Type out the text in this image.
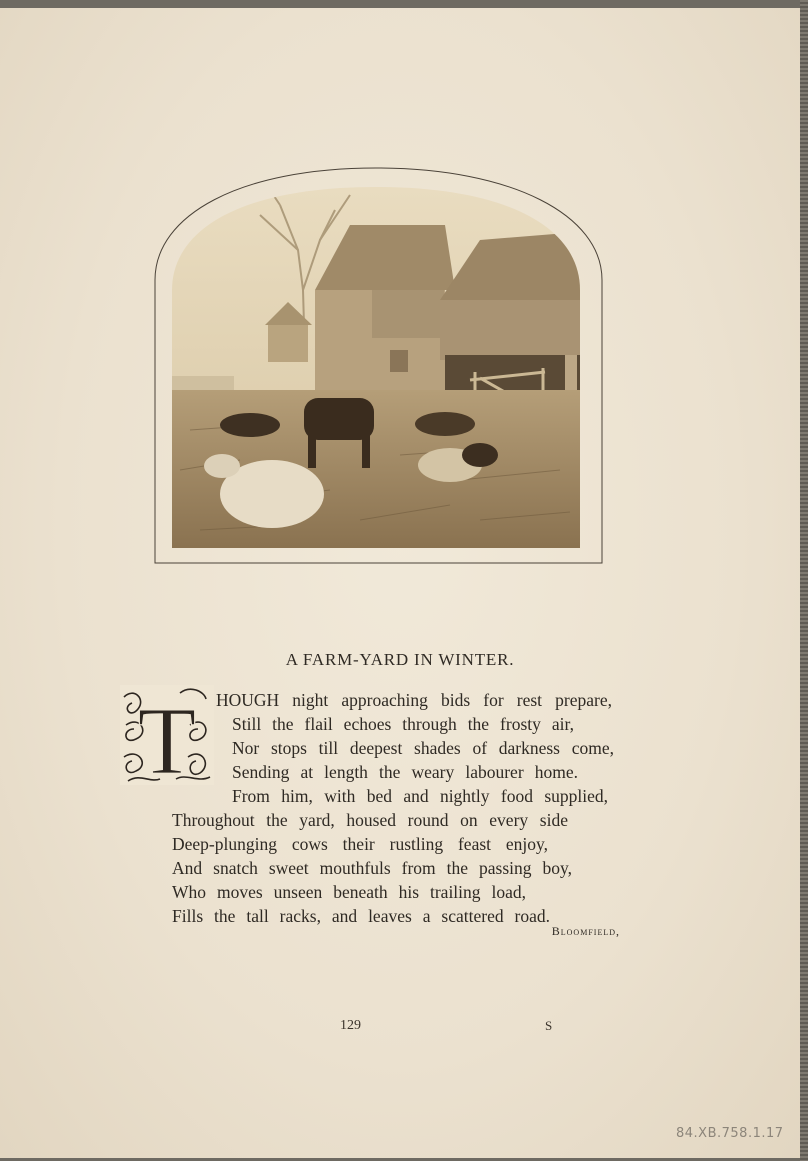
A FARM-YARD IN WINTER.
T HOUGH night approaching bids for rest prepare,
Still the flail echoes through the frosty air,
Nor stops till deepest shades of darkness come,
Sending at length the weary labourer home.
From him, with bed and nightly food supplied,
Throughout the yard, housed round on every side
Deep-plunging cows their rustling feast enjoy,
And snatch sweet mouthfuls from the passing boy,
Who moves unseen beneath his trailing load,
Fills the tall racks, and leaves a scattered road.
Bloomfield,
129	S
84.XB.758.1.17
